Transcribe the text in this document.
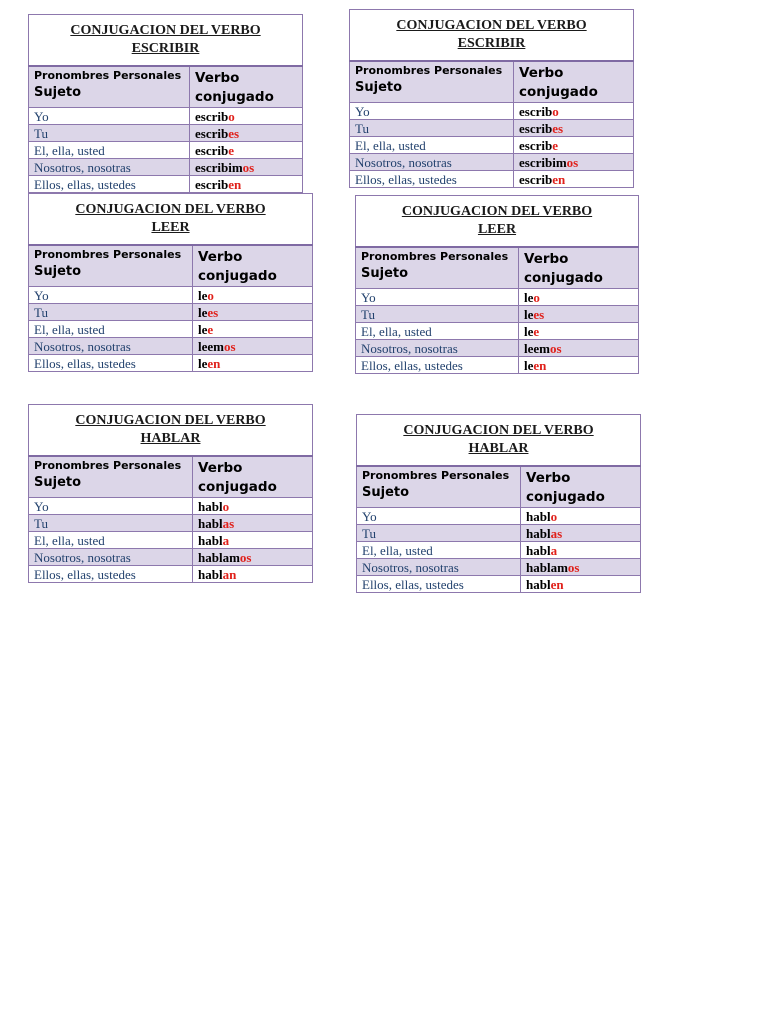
CONJUGACION DEL VERBO
ESCRIBIR
Pronombres Personales
Sujeto	Verbo
conjugado

Yo	escribo
Tu	escribes
El, ella, usted	escribe
Nosotros, nosotras	escribimos
Ellos, ellas, ustedes	escriben
CONJUGACION DEL VERBO
ESCRIBIR
Pronombres Personales
Sujeto	Verbo
conjugado

Yo	escribo
Tu	escribes
El, ella, usted	escribe
Nosotros, nosotras	escribimos
Ellos, ellas, ustedes	escriben
CONJUGACION DEL VERBO
LEER
Pronombres Personales
Sujeto	Verbo
conjugado

Yo	leo
Tu	lees
El, ella, usted	lee
Nosotros, nosotras	leemos
Ellos, ellas, ustedes	leen
CONJUGACION DEL VERBO
LEER
Pronombres Personales
Sujeto	Verbo
conjugado

Yo	leo
Tu	lees
El, ella, usted	lee
Nosotros, nosotras	leemos
Ellos, ellas, ustedes	leen
CONJUGACION DEL VERBO
HABLAR
Pronombres Personales
Sujeto	Verbo
conjugado

Yo	hablo
Tu	hablas
El, ella, usted	habla
Nosotros, nosotras	hablamos
Ellos, ellas, ustedes	hablan
CONJUGACION DEL VERBO
HABLAR
Pronombres Personales
Sujeto	Verbo
conjugado

Yo	hablo
Tu	hablas
El, ella, usted	habla
Nosotros, nosotras	hablamos
Ellos, ellas, ustedes	hablen
